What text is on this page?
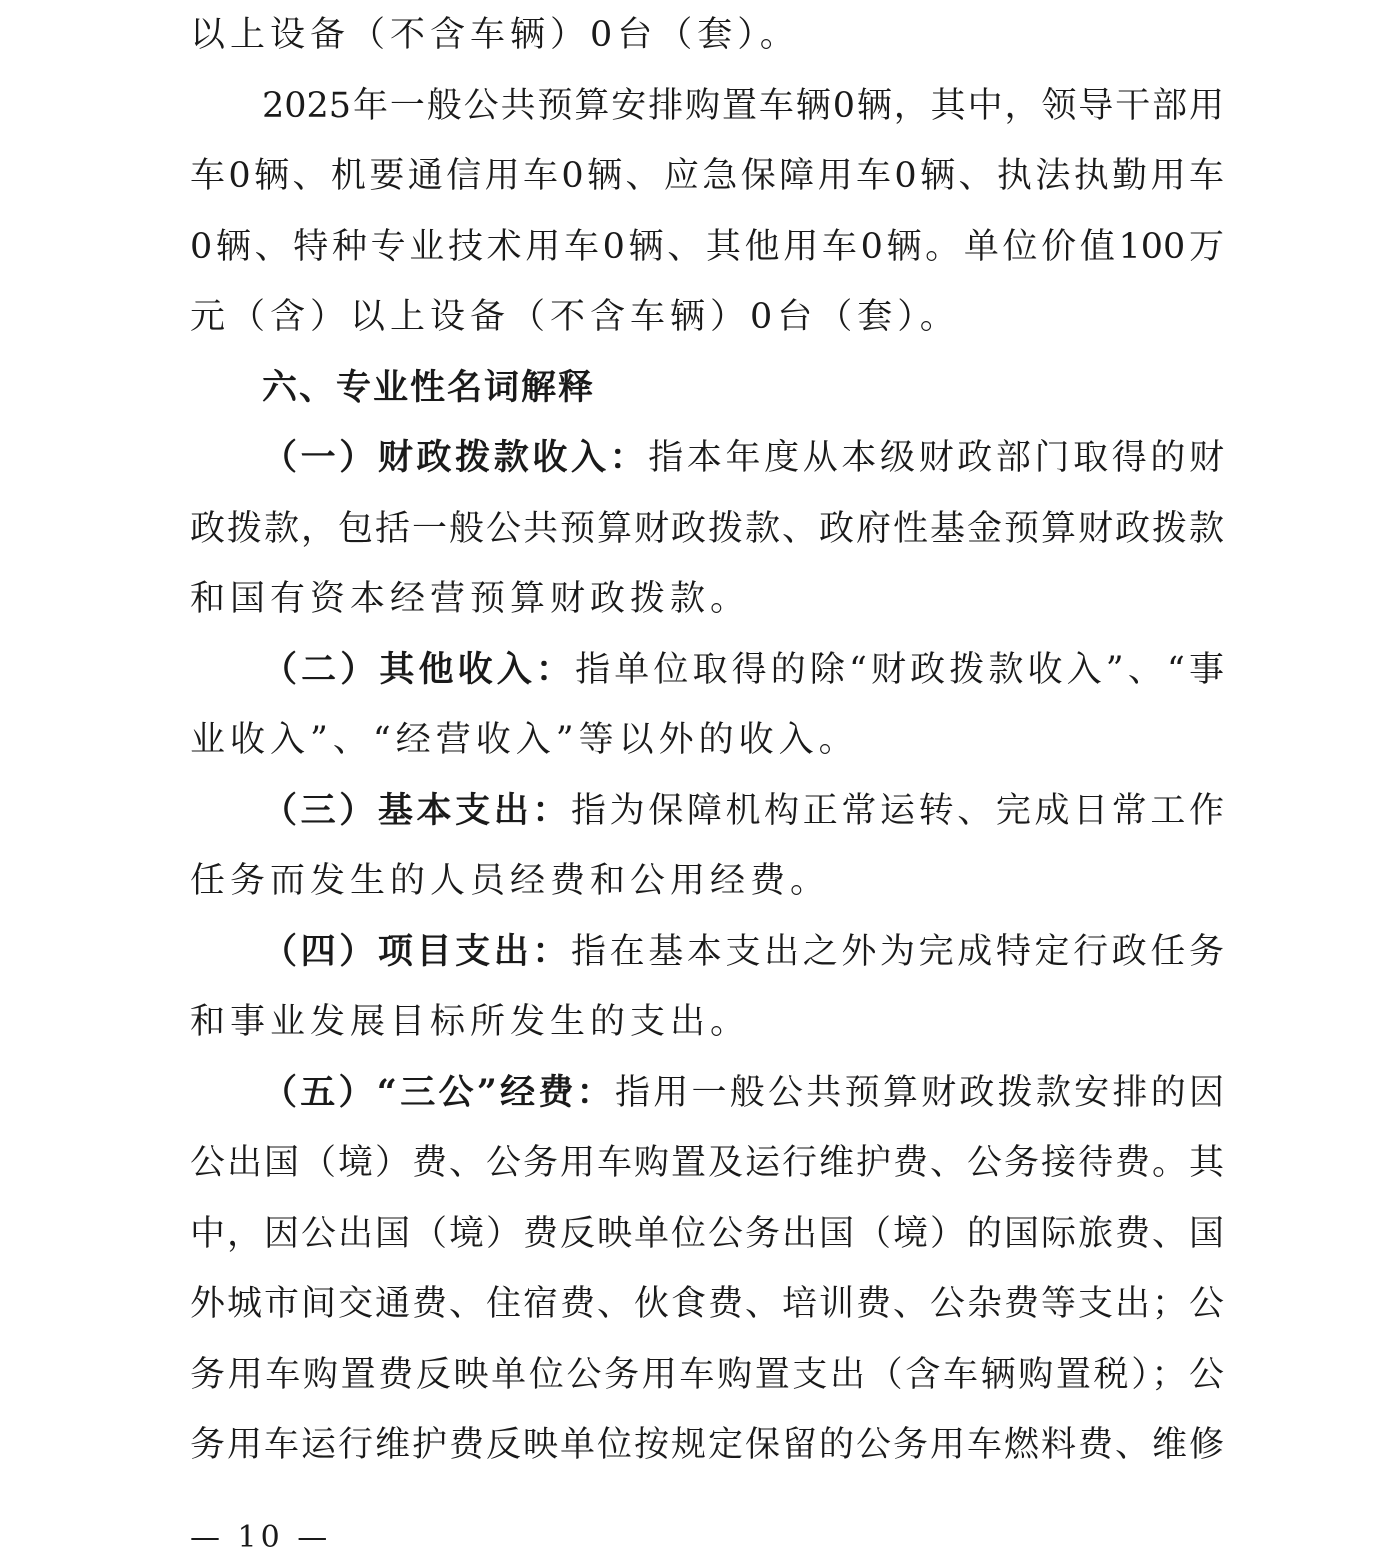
以上设备（不含车辆）0台（套）。
2025年一般公共预算安排购置车辆0辆，其中，领导干部用
车0辆、机要通信用车0辆、应急保障用车0辆、执法执勤用车
0辆、特种专业技术用车0辆、其他用车0辆。单位价值100万
元（含）以上设备（不含车辆）0台（套）。
六、专业性名词解释
（一）财政拨款收入：指本年度从本级财政部门取得的财
政拨款，包括一般公共预算财政拨款、政府性基金预算财政拨款
和国有资本经营预算财政拨款。
（二）其他收入：指单位取得的除“财政拨款收入”、“事
业收入”、“经营收入”等以外的收入。
（三）基本支出：指为保障机构正常运转、完成日常工作
任务而发生的人员经费和公用经费。
（四）项目支出：指在基本支出之外为完成特定行政任务
和事业发展目标所发生的支出。
（五）“三公”经费：指用一般公共预算财政拨款安排的因
公出国（境）费、公务用车购置及运行维护费、公务接待费。其
中，因公出国（境）费反映单位公务出国（境）的国际旅费、国
外城市间交通费、住宿费、伙食费、培训费、公杂费等支出；公
务用车购置费反映单位公务用车购置支出（含车辆购置税）；公
务用车运行维护费反映单位按规定保留的公务用车燃料费、维修
— 10 —
